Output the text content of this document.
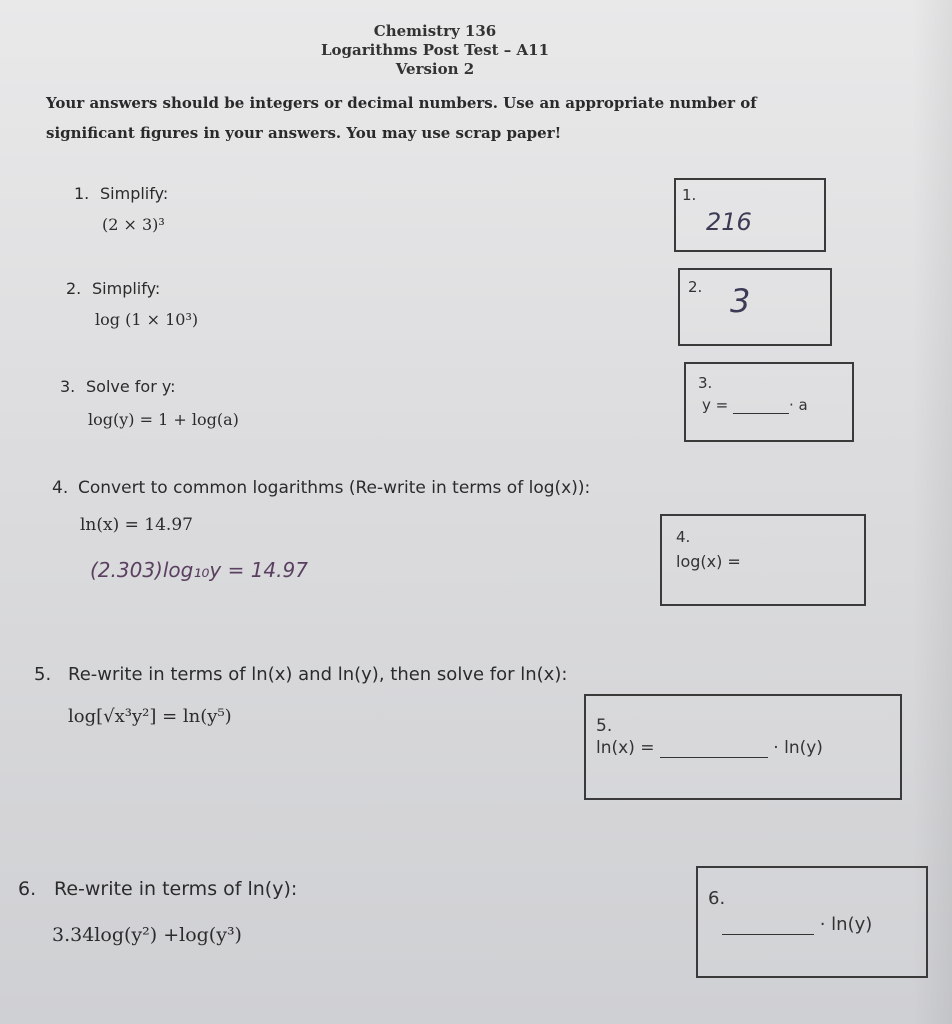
Chemistry 136
Logarithms Post Test – A11
Version 2
Your answers should be integers or decimal numbers. Use an appropriate number of
significant figures in your answers. You may use scrap paper!
1. Simplify:
(2 × 3)³
1.
216
2. Simplify:
log (1 × 10³)
2. 3
3. Solve for y:
log(y) = 1 + log(a)
3.
y =	· a
4. Convert to common logarithms (Re-write in terms of log(x)):
ln(x) = 14.97
(2.303)log₁₀y = 14.97
4.
log(x) =
5. Re-write in terms of ln(x) and ln(y), then solve for ln(x):
log[√x³y²] = ln(y⁵)	5.
ln(x) =	· ln(y)
6. Re-write in terms of ln(y):
3.34log(y²) +log(y³)
6.
· ln(y)
